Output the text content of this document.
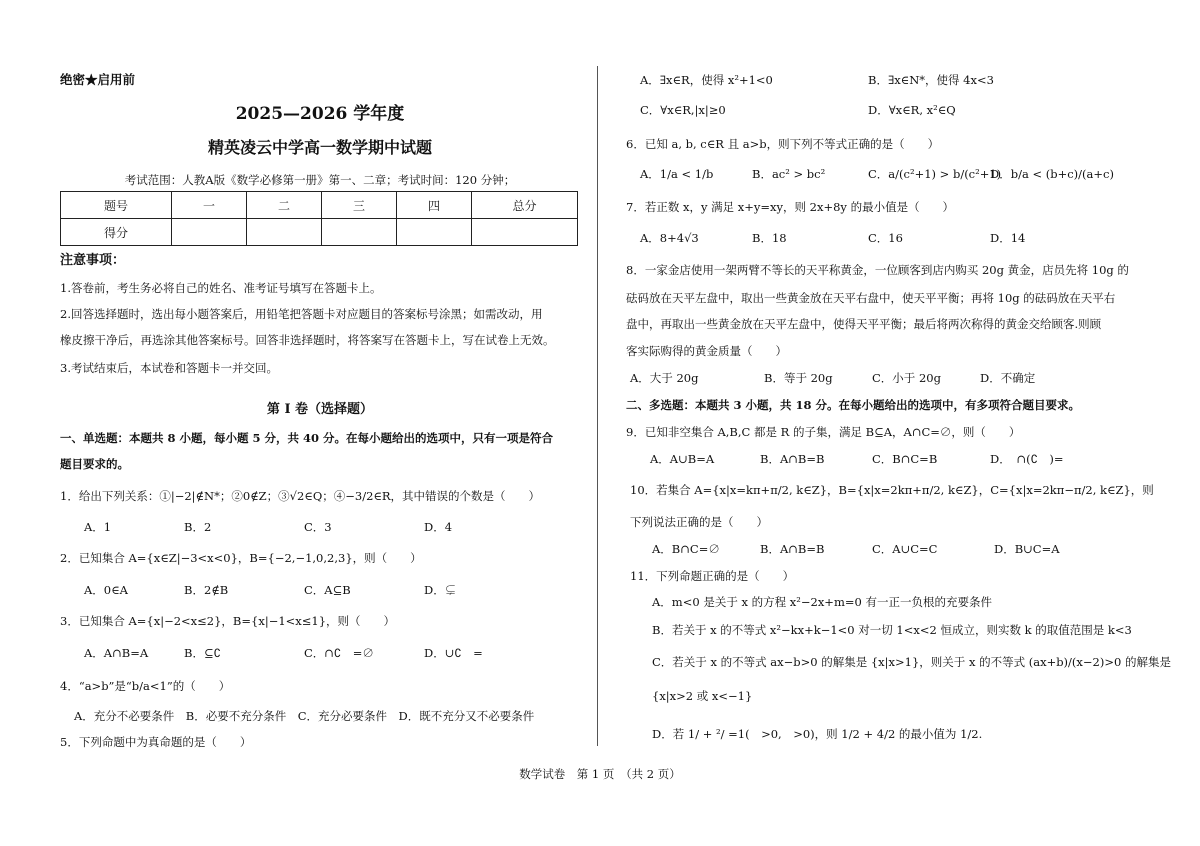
绝密★启用前
2025—2026 学年度
精英凌云中学高一数学期中试题
考试范围：人教A版《数学必修第一册》第一、二章；考试时间：120 分钟；
题号	一	二	三	四	总分
得分					
注意事项：
1.答卷前，考生务必将自己的姓名、准考证号填写在答题卡上。
2.回答选择题时，选出每小题答案后，用铅笔把答题卡对应题目的答案标号涂黑；如需改动，用
橡皮擦干净后，再选涂其他答案标号。回答非选择题时，将答案写在答题卡上，写在试卷上无效。
3.考试结束后，本试卷和答题卡一并交回。
第 I 卷（选择题）
一、单选题：本题共 8 小题，每小题 5 分，共 40 分。在每小题给出的选项中，只有一项是符合
题目要求的。
1．给出下列关系：①|−2|∉N*；②0∉Z；③√2∈Q；④−3/2∈R，其中错误的个数是（　　）
A．1	B．2	C．3	D．4
2．已知集合 A={x∈Z|−3<x<0}，B={−2,−1,0,2,3}，则（　　）
A．0∈A	B．2∉B	C．A⊆B	D．⊊
3．已知集合 A={x|−2<x≤2}，B={x|−1<x≤1}，则（　　）
A．A∩B=A	B．⊆∁	C．∩∁　=∅	D．∪∁　=
4．“a>b”是“b/a<1”的（　　）
A．充分不必要条件　B．必要不充分条件　C．充分必要条件　D．既不充分又不必要条件
5．下列命题中为真命题的是（　　）
A．∃x∈R，使得 x²+1<0	B．∃x∈N*，使得 4x<3
C．∀x∈R,|x|≥0	D．∀x∈R, x²∈Q
6．已知 a, b, c∈R 且 a>b，则下列不等式正确的是（　　）
A．1/a < 1/b	B．ac² > bc²	C．a/(c²+1) > b/(c²+1)
D．b/a < (b+c)/(a+c)
7．若正数 x，y 满足 x+y=xy，则 2x+8y 的最小值是（　　）
A．8+4√3	B．18	C．16	D．14
8．一家金店使用一架两臂不等长的天平称黄金，一位顾客到店内购买 20g 黄金，店员先将 10g 的
砝码放在天平左盘中，取出一些黄金放在天平右盘中，使天平平衡；再将 10g 的砝码放在天平右
盘中，再取出一些黄金放在天平左盘中，使得天平平衡；最后将两次称得的黄金交给顾客.则顾
客实际购得的黄金质量（　　）
A．大于 20g	B．等于 20g	C．小于 20g	D．不确定
二、多选题：本题共 3 小题，共 18 分。在每小题给出的选项中，有多项符合题目要求。
9．已知非空集合 A,B,C 都是 R 的子集，满足 B⊆A，A∩C=∅，则（　　）
A．A∪B=A	B．A∩B=B	C．B∩C=B	D．　∩(∁　)=
10．若集合 A={x|x=kπ+π/2, k∈Z}，B={x|x=2kπ+π/2, k∈Z}，C={x|x=2kπ−π/2, k∈Z}，则
下列说法正确的是（　　）
A．B∩C=∅	B．A∩B=B	C．A∪C=C	D．B∪C=A
11．下列命题正确的是（　　）
A．m<0 是关于 x 的方程 x²−2x+m=0 有一正一负根的充要条件
B．若关于 x 的不等式 x²−kx+k−1<0 对一切 1<x<2 恒成立，则实数 k 的取值范围是 k<3
C．若关于 x 的不等式 ax−b>0 的解集是 {x|x>1}，则关于 x 的不等式 (ax+b)/(x−2)>0 的解集是
{x|x>2 或 x<−1}
D．若 1/ + ²/ =1(　>0,　>0)，则 1/2 + 4/2 的最小值为 1/2.
数学试卷　第 1 页　（共 2 页）
